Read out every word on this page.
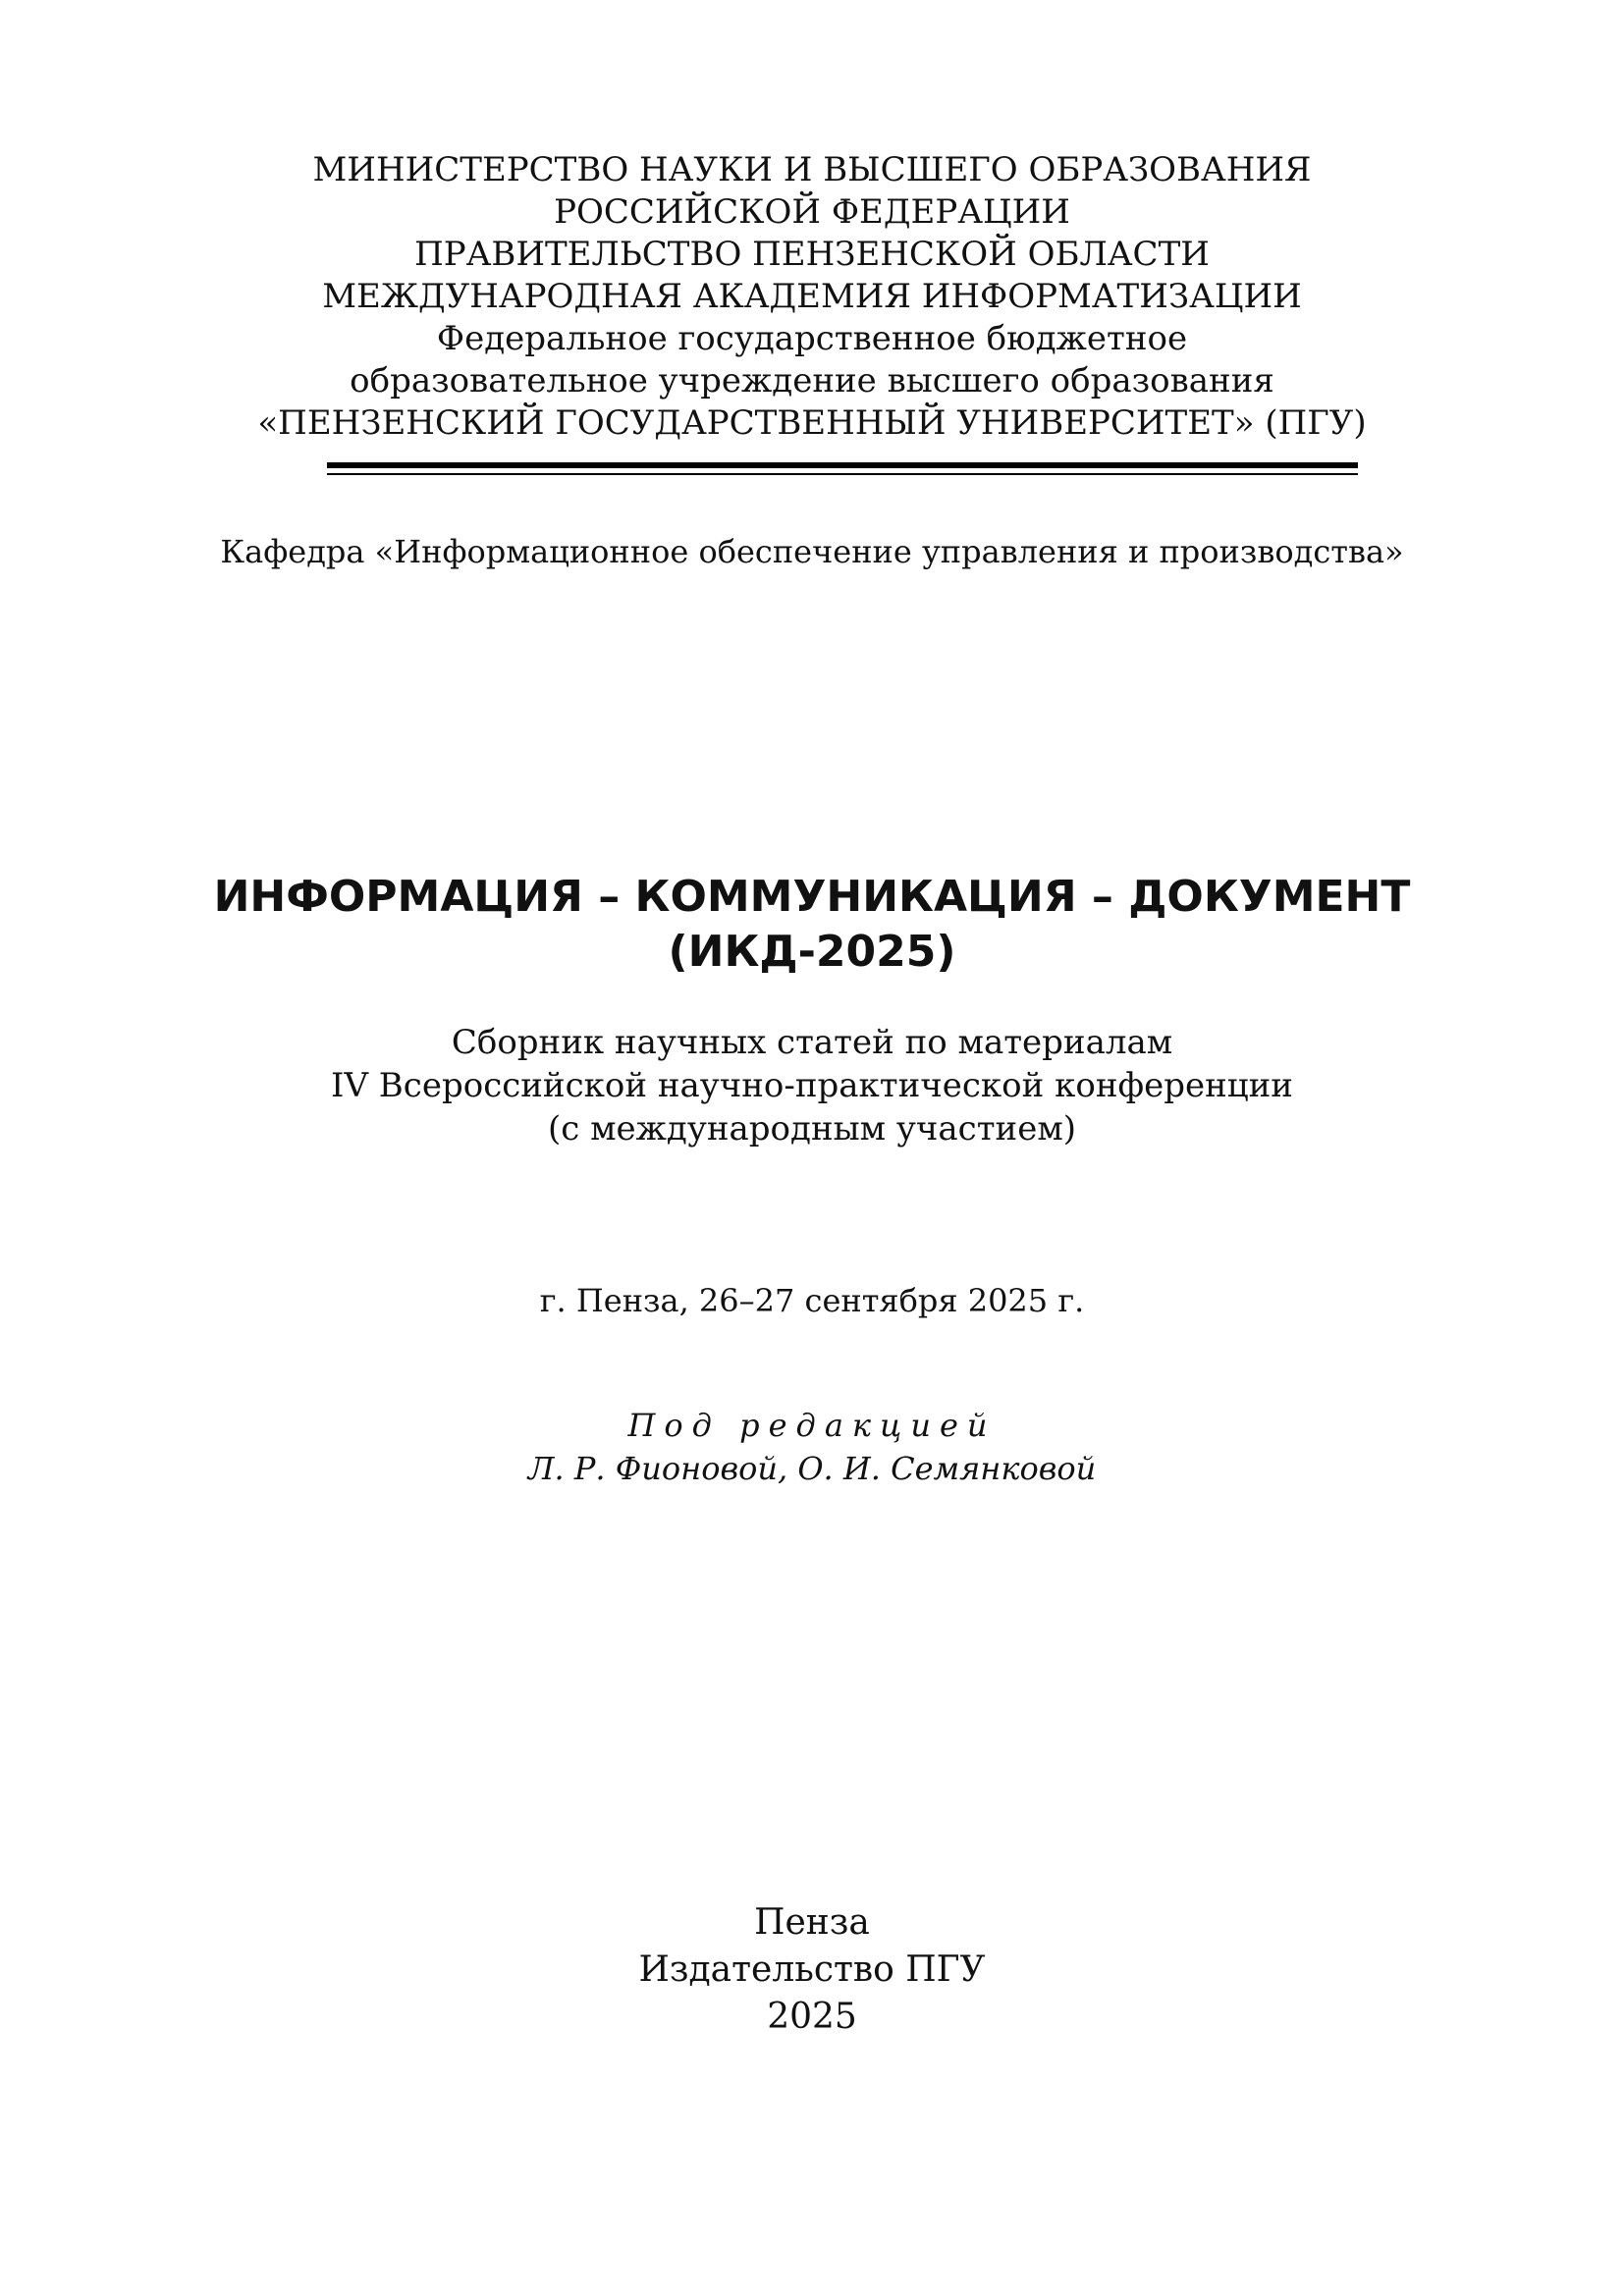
МИНИСТЕРСТВО НАУКИ И ВЫСШЕГО ОБРАЗОВАНИЯ
РОССИЙСКОЙ ФЕДЕРАЦИИ
ПРАВИТЕЛЬСТВО ПЕНЗЕНСКОЙ ОБЛАСТИ
МЕЖДУНАРОДНАЯ АКАДЕМИЯ ИНФОРМАТИЗАЦИИ
Федеральное государственное бюджетное
образовательное учреждение высшего образования
«ПЕНЗЕНСКИЙ ГОСУДАРСТВЕННЫЙ УНИВЕРСИТЕТ» (ПГУ)
Кафедра «Информационное обеспечение управления и производства»
ИНФОРМАЦИЯ – КОММУНИКАЦИЯ – ДОКУМЕНТ
(ИКД-2025)
Сборник научных статей по материалам
IV Всероссийской научно-практической конференции
(с международным участием)
г. Пенза, 26–27 сентября 2025 г.
Под редакцией
Л. Р. Фионовой, О. И. Семянковой
Пенза
Издательство ПГУ
2025
